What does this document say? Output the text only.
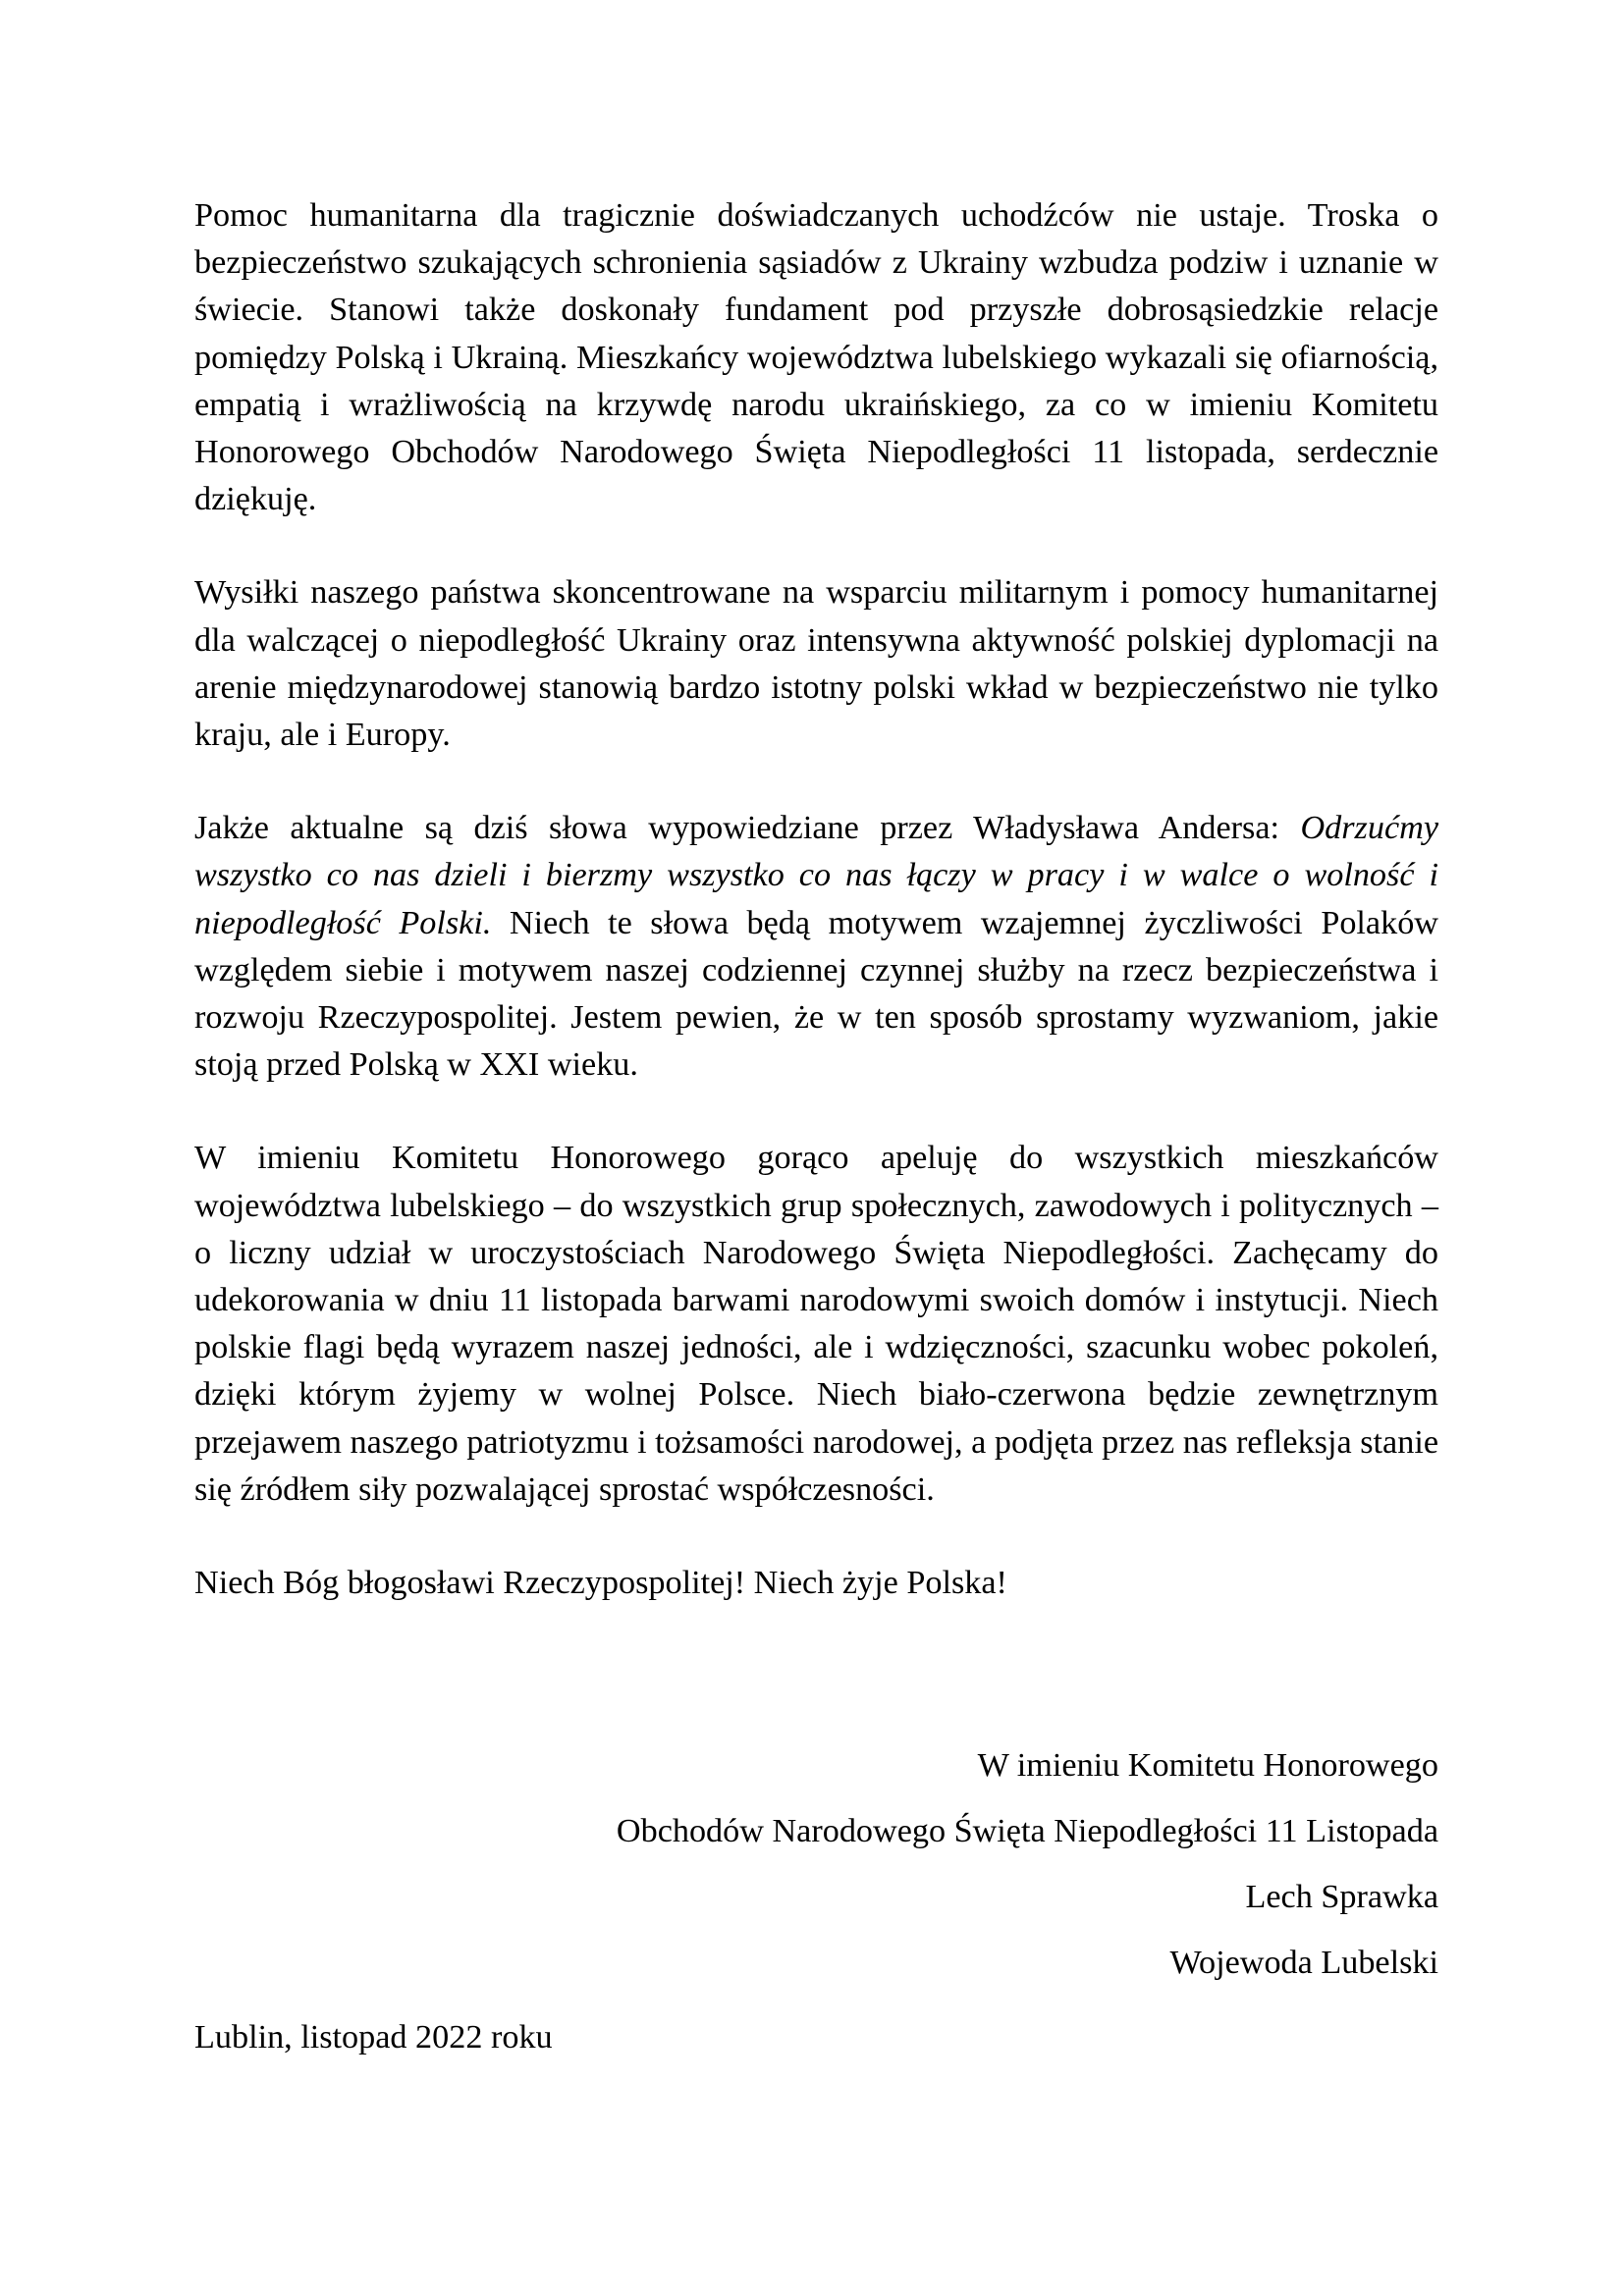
Pomoc humanitarna dla tragicznie doświadczanych uchodźców nie ustaje. Troska o bezpieczeństwo szukających schronienia sąsiadów z Ukrainy wzbudza podziw i uznanie w świecie. Stanowi także doskonały fundament pod przyszłe dobrosąsiedzkie relacje pomiędzy Polską i Ukrainą. Mieszkańcy województwa lubelskiego wykazali się ofiarnością, empatią i wrażliwością na krzywdę narodu ukraińskiego, za co w imieniu Komitetu Honorowego Obchodów Narodowego Święta Niepodległości 11 listopada, serdecznie dziękuję.

Wysiłki naszego państwa skoncentrowane na wsparciu militarnym i pomocy humanitarnej dla walczącej o niepodległość Ukrainy oraz intensywna aktywność polskiej dyplomacji na arenie międzynarodowej stanowią bardzo istotny polski wkład w bezpieczeństwo nie tylko kraju, ale i Europy.

Jakże aktualne są dziś słowa wypowiedziane przez Władysława Andersa: Odrzućmy wszystko co nas dzieli i bierzmy wszystko co nas łączy w pracy i w walce o wolność i niepodległość Polski. Niech te słowa będą motywem wzajemnej życzliwości Polaków względem siebie i motywem naszej codziennej czynnej służby na rzecz bezpieczeństwa i rozwoju Rzeczypospolitej. Jestem pewien, że w ten sposób sprostamy wyzwaniom, jakie stoją przed Polską w XXI wieku.

W imieniu Komitetu Honorowego gorąco apeluję do wszystkich mieszkańców województwa lubelskiego – do wszystkich grup społecznych, zawodowych i politycznych – o liczny udział w uroczystościach Narodowego Święta Niepodległości. Zachęcamy do udekorowania w dniu 11 listopada barwami narodowymi swoich domów i instytucji. Niech polskie flagi będą wyrazem naszej jedności, ale i wdzięczności, szacunku wobec pokoleń, dzięki którym żyjemy w wolnej Polsce. Niech biało-czerwona będzie zewnętrznym przejawem naszego patriotyzmu i tożsamości narodowej, a podjęta przez nas refleksja stanie się źródłem siły pozwalającej sprostać współczesności.

Niech Bóg błogosławi Rzeczypospolitej! Niech żyje Polska!

W imieniu Komitetu Honorowego
Obchodów Narodowego Święta Niepodległości 11 Listopada
Lech Sprawka
Wojewoda Lubelski
Lublin, listopad 2022 roku
